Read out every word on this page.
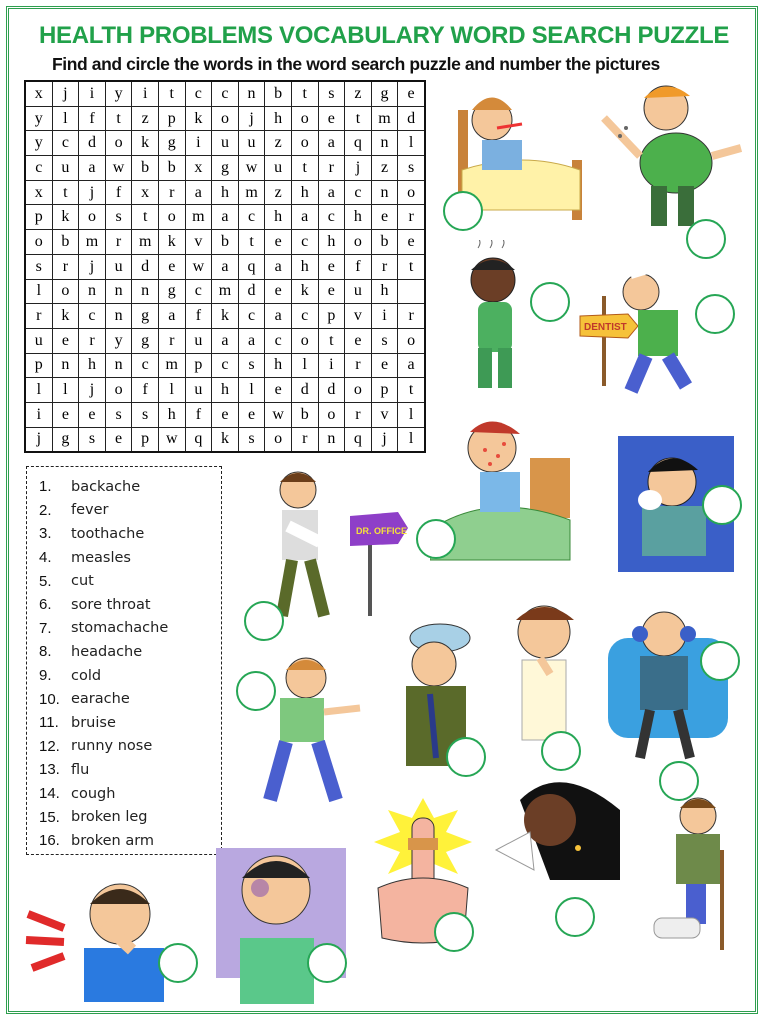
HEALTH PROBLEMS VOCABULARY WORD SEARCH PUZZLE
Find and circle the words in the word search puzzle and number the pictures
x	j	i	y	i	t	c	c	n	b	t	s	z	g	e
y	l	f	t	z	p	k	o	j	h	o	e	t	m	d
y	c	d	o	k	g	i	u	u	z	o	a	q	n	l
c	u	a	w	b	b	x	g	w	u	t	r	j	z	s
x	t	j	f	x	r	a	h	m	z	h	a	c	n	o
p	k	o	s	t	o	m	a	c	h	a	c	h	e	r
o	b	m	r	m	k	v	b	t	e	c	h	o	b	e
s	r	j	u	d	e	w	a	q	a	h	e	f	r	t
l	o	n	n	n	g	c	m	d	e	k	e	u	h	
r	k	c	n	g	a	f	k	c	a	c	p	v	i	r
u	e	r	y	g	r	u	a	a	c	o	t	e	s	o
p	n	h	n	c	m	p	c	s	h	l	i	r	e	a
l	l	j	o	f	l	u	h	l	e	d	d	o	p	t
i	e	e	s	s	h	f	e	e	w	b	o	r	v	l
j	g	s	e	p	w	q	k	s	o	r	n	q	j	l
1.	backache
2.	fever
3.	toothache
4.	measles
5.	cut
6.	sore throat
7.	stomachache
8.	headache
9.	cold
10. earache
11. bruise
12. runny nose
13. flu
14. cough
15. broken leg
16. broken arm
DENTIST
DR. OFFICE
